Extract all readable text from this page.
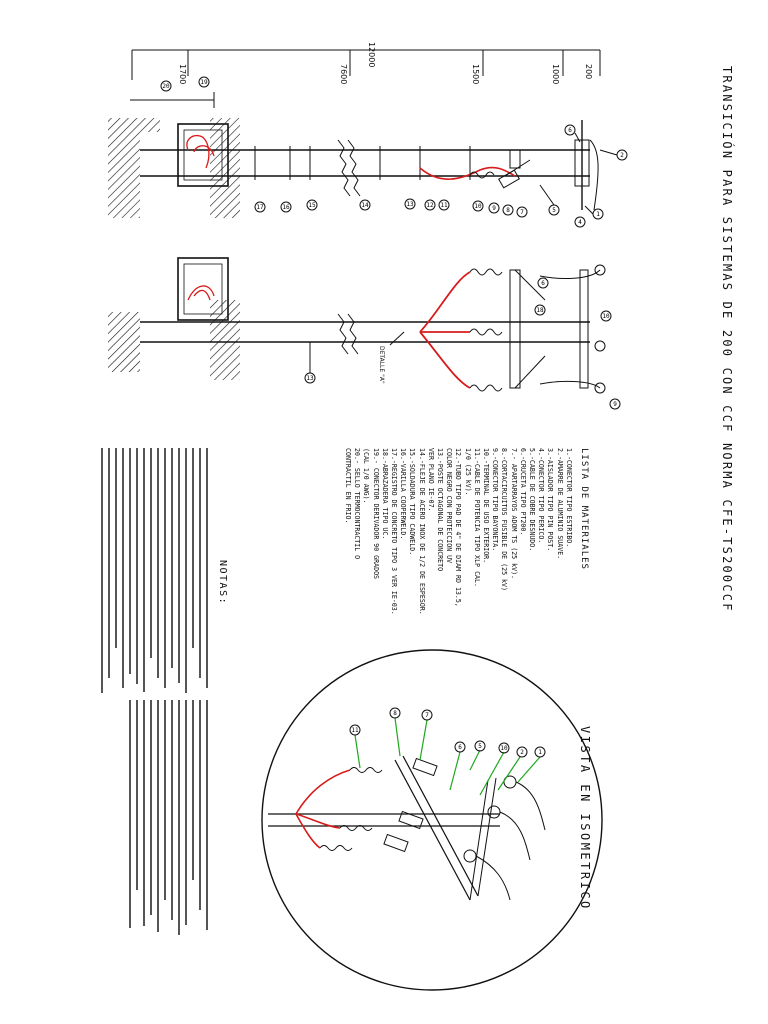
1
2
4
5
6
7
8
9
10
11
12
13
14
15
16
17
19
20
10
9
6
18
13
1
2
10
5
6
7
8
11
TRANSICIÓN PARA SISTEMAS DE 200 CON CCF NORMA CFE-TS200CCF
12000
1700	7600	1500	1000	200
DETALLE "A"
LISTA DE MATERIALES
1.-CONECTOR TIPO ESTRIBO.
2.-AMARRE DE ALUMINIO SUAVE.
3.-AISLADOR TIPO PIN POST.
4.-CONECTOR TIPO PERICO.
5.-CABLE DE COBRE DESNUDO.
6.-CRUCETA TIPO PT200.
7.- APARTARRAYOS ADOM TS (25 kV).
8.-CORTACIRCUITOS FUSIBLE DE (25 kV)
9.-CONECTOR TIPO BAYONETA.
10.-TERMINAL DE USO EXTERIOR.
11.-CABLE DE POTENCIA TIPO XLP CAL.
1/0 (25 kV).
12.-TUBO TIPO PAD DE 4" DE DIAM RD 13.5,
COLOR NEGRO CON PROTECCION UV
13.-POSTE OCTAGONAL DE CONCRETO
VER PLANO IE-07.
14.-FLEJE DE ACERO INOX DE 1/2 DE ESPESOR.
15.-SOLDADURA TIPO CADWELD.
16.-VARILLA COOPERWELD.
17.-REGISTRO DE CONCRETO TIPO 3 VER IE-03.
18.-ABRAZADERA TIPO UC.
19.- CONECTOR DERIVADOR 90 GRADOS
(CAL 1/0 AWG).
20.- SELLO TERMOCONTRACTIL O
CONTRACTIL EN FRIO.
NOTAS:
VISTA EN ISOMETRICO
